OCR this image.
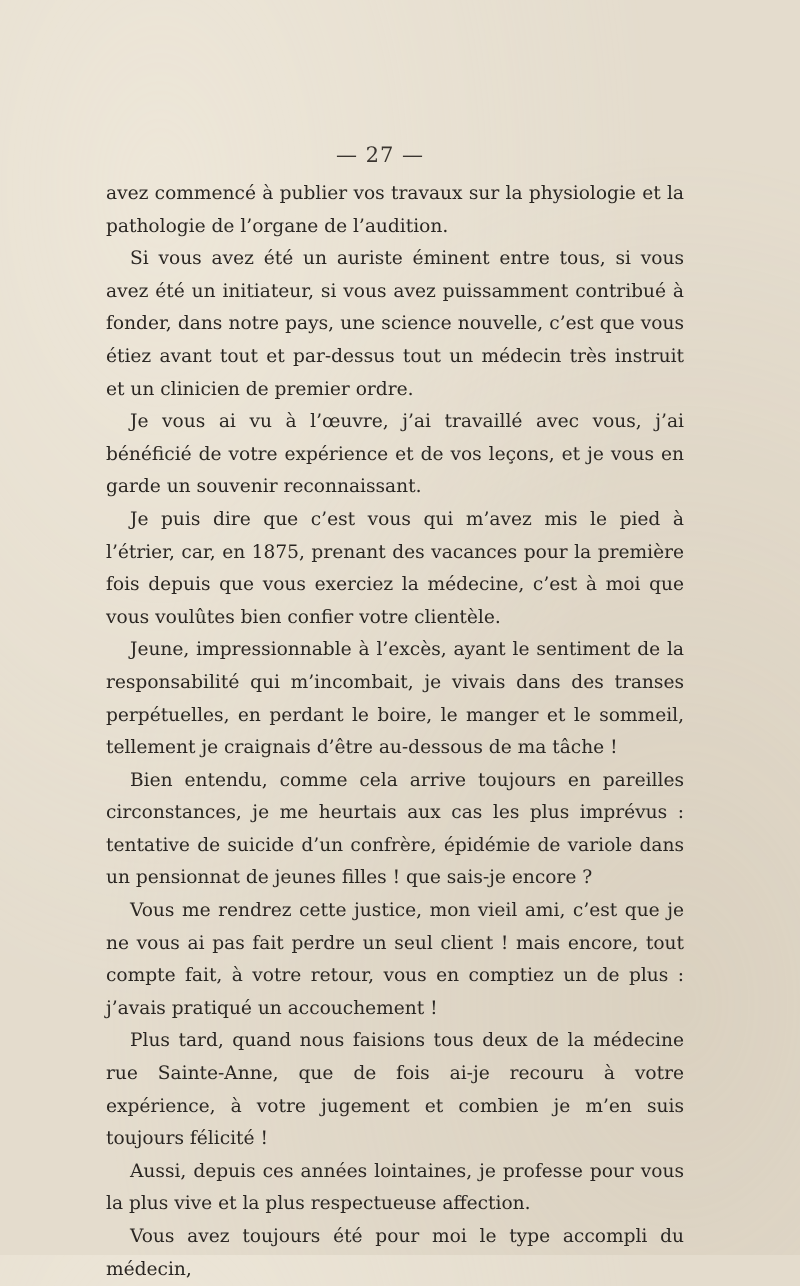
— 27 —

avez commencé à publier vos travaux sur la physiologie et la pathologie de l’organe de l’audition.

Si vous avez été un auriste éminent entre tous, si vous avez été un initiateur, si vous avez puissamment contribué à fonder, dans notre pays, une science nouvelle, c’est que vous étiez avant tout et par-dessus tout un médecin très instruit et un clinicien de premier ordre.

Je vous ai vu à l’œuvre, j’ai travaillé avec vous, j’ai bénéficié de votre expérience et de vos leçons, et je vous en garde un souvenir reconnaissant.

Je puis dire que c’est vous qui m’avez mis le pied à l’étrier, car, en 1875, prenant des vacances pour la première fois depuis que vous exerciez la médecine, c’est à moi que vous voulûtes bien confier votre clientèle.

Jeune, impressionnable à l’excès, ayant le sentiment de la responsabilité qui m’incombait, je vivais dans des transes perpétuelles, en perdant le boire, le manger et le sommeil, tellement je craignais d’être au-dessous de ma tâche !

Bien entendu, comme cela arrive toujours en pareilles circonstances, je me heurtais aux cas les plus imprévus : tentative de suicide d’un confrère, épidémie de variole dans un pensionnat de jeunes filles ! que sais-je encore ?

Vous me rendrez cette justice, mon vieil ami, c’est que je ne vous ai pas fait perdre un seul client ! mais encore, tout compte fait, à votre retour, vous en comptiez un de plus : j’avais pratiqué un accouchement !

Plus tard, quand nous faisions tous deux de la médecine rue Sainte-Anne, que de fois ai-je recouru à votre expérience, à votre jugement et combien je m’en suis toujours félicité !

Aussi, depuis ces années lointaines, je professe pour vous la plus vive et la plus respectueuse affection.

Vous avez toujours été pour moi le type accompli du médecin,
